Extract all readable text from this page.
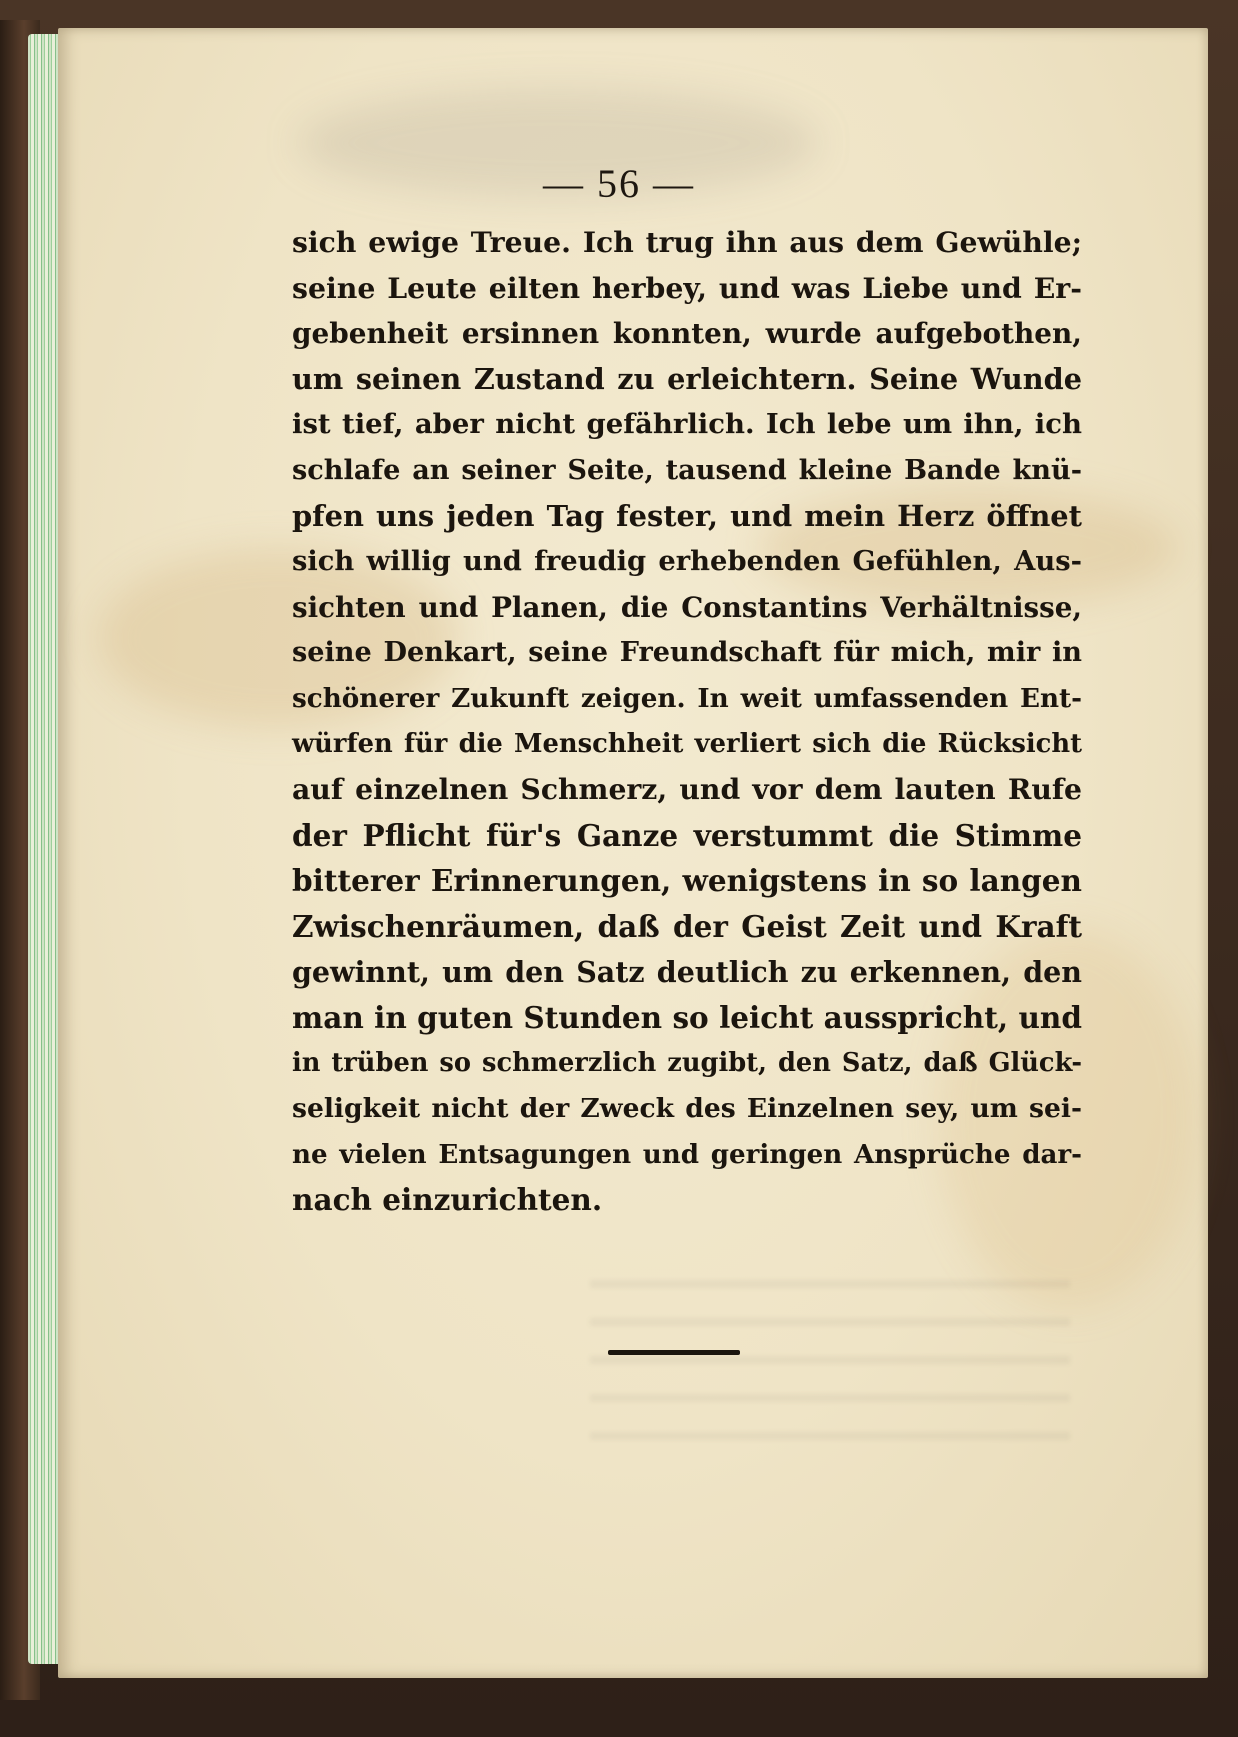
— 56 —
sich ewige Treue. Ich trug ihn aus dem Gewühle;
seine Leute eilten herbey, und was Liebe und Er-
gebenheit ersinnen konnten, wurde aufgebothen,
um seinen Zustand zu erleichtern. Seine Wunde
ist tief, aber nicht gefährlich. Ich lebe um ihn, ich
schlafe an seiner Seite, tausend kleine Bande knü-
pfen uns jeden Tag fester, und mein Herz öffnet
sich willig und freudig erhebenden Gefühlen, Aus-
sichten und Planen, die Constantins Verhältnisse,
seine Denkart, seine Freundschaft für mich, mir in
schönerer Zukunft zeigen. In weit umfassenden Ent-
würfen für die Menschheit verliert sich die Rücksicht
auf einzelnen Schmerz, und vor dem lauten Rufe
der Pflicht für's Ganze verstummt die Stimme
bitterer Erinnerungen, wenigstens in so langen
Zwischenräumen, daß der Geist Zeit und Kraft
gewinnt, um den Satz deutlich zu erkennen, den
man in guten Stunden so leicht ausspricht, und
in trüben so schmerzlich zugibt, den Satz, daß Glück-
seligkeit nicht der Zweck des Einzelnen sey, um sei-
ne vielen Entsagungen und geringen Ansprüche dar-
nach einzurichten.
